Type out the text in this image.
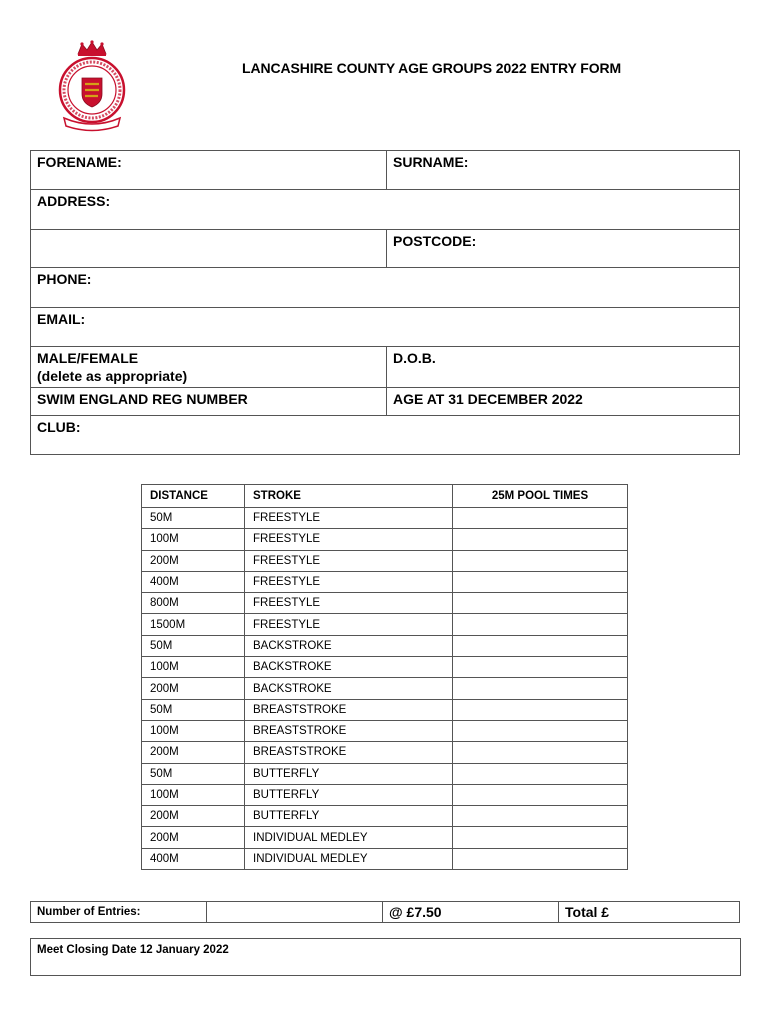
LANCASHIRE COUNTY AGE GROUPS 2022 ENTRY FORM
FORENAME:	SURNAME:
ADDRESS:	
	POSTCODE:
PHONE:	
EMAIL:	

MALE/FEMALE
(delete as appropriate)	D.O.B.
SWIM ENGLAND REG NUMBER	AGE AT 31 DECEMBER 2022
CLUB:	
DISTANCE	STROKE	25M POOL TIMES
50M	FREESTYLE	
100M	FREESTYLE	
200M	FREESTYLE	
400M	FREESTYLE	
800M	FREESTYLE	
1500M	FREESTYLE	
50M	BACKSTROKE	
100M	BACKSTROKE	
200M	BACKSTROKE	
50M	BREASTSTROKE	
100M	BREASTSTROKE	
200M	BREASTSTROKE	
50M	BUTTERFLY	
100M	BUTTERFLY	
200M	BUTTERFLY	
200M	INDIVIDUAL MEDLEY	
400M	INDIVIDUAL MEDLEY	
Number of Entries:		@ £7.50	Total £
Meet Closing Date 12 January 2022
